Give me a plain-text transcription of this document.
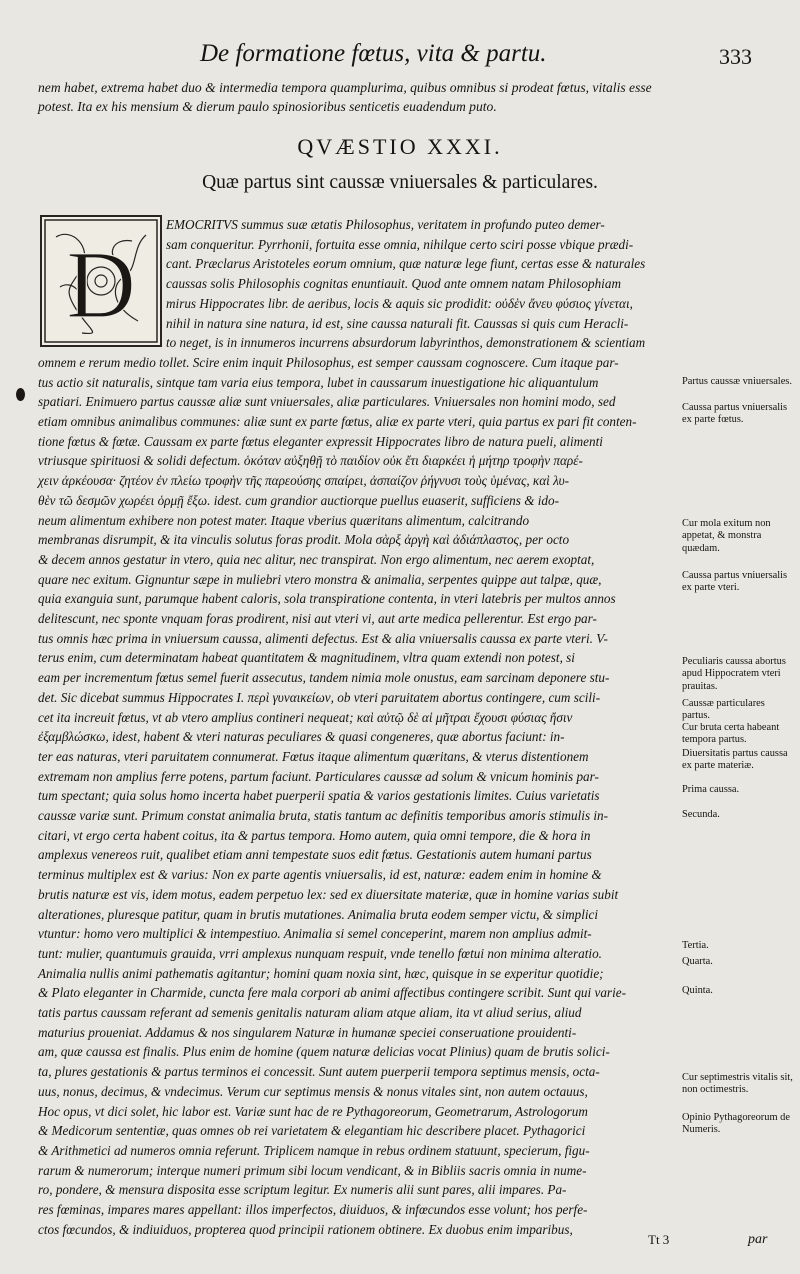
De formatione fœtus, vita & partu.	333
nem habet, extrema habet duo & intermedia tempora quamplurima, quibus omnibus si prodeat fœtus, vitalis esse potest. Ita ex his mensium & dierum paulo spinosioribus senticetis euadendum puto.
QVÆSTIO XXXI.
Quæ partus sint caussæ vniuersales & particulares.
D
EMOCRITVS summus suæ ætatis Philosophus, veritatem in profundo puteo demer-
sam conqueritur. Pyrrhonii, fortuita esse omnia, nihilque certo sciri posse vbique prædi-
cant. Præclarus Aristoteles eorum omnium, quæ naturæ lege fiunt, certas esse & naturales
caussas solis Philosophis cognitas enuntiauit. Quod ante omnem natam Philosophiam
mirus Hippocrates libr. de aeribus, locis & aquis sic prodidit: οὐδὲν ἄνευ φύσιος γίνεται,
nihil in natura sine natura, id est, sine caussa naturali fit. Caussas si quis cum Heracli-
to neget, is in innumeros incurrens absurdorum labyrinthos, demonstrationem & scientiam
omnem e rerum medio tollet. Scire enim inquit Philosophus, est semper caussam cognoscere. Cum itaque par-
tus actio sit naturalis, sintque tam varia eius tempora, lubet in caussarum inuestigatione hic aliquantulum
spatiari. Enimuero partus caussæ aliæ sunt vniuersales, aliæ particulares. Vniuersales non homini modo, sed
etiam omnibus animalibus communes: aliæ sunt ex parte fœtus, aliæ ex parte vteri, quia partus ex pari fit conten-
tione fœtus & fœtæ. Caussam ex parte fœtus eleganter expressit Hippocrates libro de natura pueli, alimenti
vtriusque spirituosi & solidi defectum. ὁκόταν αὐξηθῇ τὸ παιδίον οὐκ ἔτι διαρκέει ἡ μήτηρ τροφὴν παρέ-
χειν ἀρκέουσα· ζητέον ἐν πλείω τροφὴν τῆς παρεούσης σπαίρει, ἀσπαίζον ῥήγνυσι τοὺς ὑμένας, καὶ λυ-
θὲν τῶ δεσμῶν χωρέει ὁρμῇ ἔξω. idest. cum grandior auctiorque puellus euaserit, sufficiens & ido-
neum alimentum exhibere non potest mater. Itaque vberius quæritans alimentum, calcitrando
membranas disrumpit, & ita vinculis solutus foras prodit. Mola σὰρξ ἀργὴ καὶ ἀδιάπλαστος, per octo
& decem annos gestatur in vtero, quia nec alitur, nec transpirat. Non ergo alimentum, nec aerem exoptat,
quare nec exitum. Gignuntur sæpe in muliebri vtero monstra & animalia, serpentes quippe aut talpæ, quæ,
quia exanguia sunt, parumque habent caloris, sola transpiratione contenta, in vteri latebris per multos annos
delitescunt, nec sponte vnquam foras prodirent, nisi aut vteri vi, aut arte medica pellerentur. Est ergo par-
tus omnis hæc prima in vniuersum caussa, alimenti defectus. Est & alia vniuersalis caussa ex parte vteri. V-
terus enim, cum determinatam habeat quantitatem & magnitudinem, vltra quam extendi non potest, si
eam per incrementum fœtus semel fuerit assecutus, tandem nimia mole onustus, eam sarcinam deponere stu-
det. Sic dicebat summus Hippocrates I. περὶ γυναικείων, ob vteri paruitatem abortus contingere, cum scili-
cet ita increuit fœtus, vt ab vtero amplius contineri nequeat; καὶ αὐτῷ δὲ αἱ μῆτραι ἔχουσι φύσιας ἤσιν
ἐξαμβλώσκω, idest, habent & vteri naturas peculiares & quasi congeneres, quæ abortus faciunt: in-
ter eas naturas, vteri paruitatem connumerat. Fœtus itaque alimentum quæritans, & vterus distentionem
extremam non amplius ferre potens, partum faciunt. Particulares caussæ ad solum & vnicum hominis par-
tum spectant; quia solus homo incerta habet puerperii spatia & varios gestationis limites. Cuius varietatis
caussæ variæ sunt. Primum constat animalia bruta, statis tantum ac definitis temporibus amoris stimulis in-
citari, vt ergo certa habent coitus, ita & partus tempora. Homo autem, quia omni tempore, die & hora in
amplexus venereos ruit, qualibet etiam anni tempestate suos edit fœtus. Gestationis autem humani partus
terminus multiplex est & varius: Non ex parte agentis vniuersalis, id est, naturæ: eadem enim in homine &
brutis naturæ est vis, idem motus, eadem perpetuo lex: sed ex diuersitate materiæ, quæ in homine varias subit
alterationes, pluresque patitur, quam in brutis mutationes. Animalia bruta eodem semper victu, & simplici
vtuntur: homo vero multiplici & intempestiuo. Animalia si semel conceperint, marem non amplius admit-
tunt: mulier, quantumuis grauida, vrri amplexus nunquam respuit, vnde tenello fœtui non minima alteratio.
Animalia nullis animi pathematis agitantur; homini quam noxia sint, hæc, quisque in se experitur quotidie;
& Plato eleganter in Charmide, cuncta fere mala corpori ab animi affectibus contingere scribit. Sunt qui varie-
tatis partus caussam referant ad semenis genitalis naturam aliam atque aliam, ita vt aliud serius, aliud
maturius proueniat. Addamus & nos singularem Naturæ in humanæ speciei conseruatione prouidenti-
am, quæ caussa est finalis. Plus enim de homine (quem naturæ delicias vocat Plinius) quam de brutis solici-
ta, plures gestationis & partus terminos ei concessit. Sunt autem puerperii tempora septimus mensis, octa-
uus, nonus, decimus, & vndecimus. Verum cur septimus mensis & nonus vitales sint, non autem octauus,
Hoc opus, vt dici solet, hic labor est. Variæ sunt hac de re Pythagoreorum, Geometrarum, Astrologorum
& Medicorum sententiæ, quas omnes ob rei varietatem & elegantiam hic describere placet. Pythagorici
& Arithmetici ad numeros omnia referunt. Triplicem namque in rebus ordinem statuunt, specierum, figu-
rarum & numerorum; interque numeri primum sibi locum vendicant, & in Bibliis sacris omnia in nume-
ro, pondere, & mensura disposita esse scriptum legitur. Ex numeris alii sunt pares, alii impares. Pa-
res fœminas, impares mares appellant: illos imperfectos, diuiduos, & infœcundos esse volunt; hos perfe-
ctos fœcundos, & indiuiduos, propterea quod principii rationem obtinere. Ex duobus enim imparibus,
Partus caussæ vniuersales.
Caussa partus vniuersalis ex parte fœtus.
Cur mola exitum non appetat, & monstra quædam.
Caussa partus vniuersalis ex parte vteri.
Peculiaris caussa abortus apud Hippocratem vteri prauitas.
Caussæ particulares partus.
Cur bruta certa habeant tempora partus.
Diuersitatis partus caussa ex parte materiæ.
Prima caussa.
Secunda.
Tertia.
Quarta.
Quinta.
Cur septimestris vitalis sit, non octimestris.
Opinio Pythagoreorum de Numeris.
Tt 3	par
